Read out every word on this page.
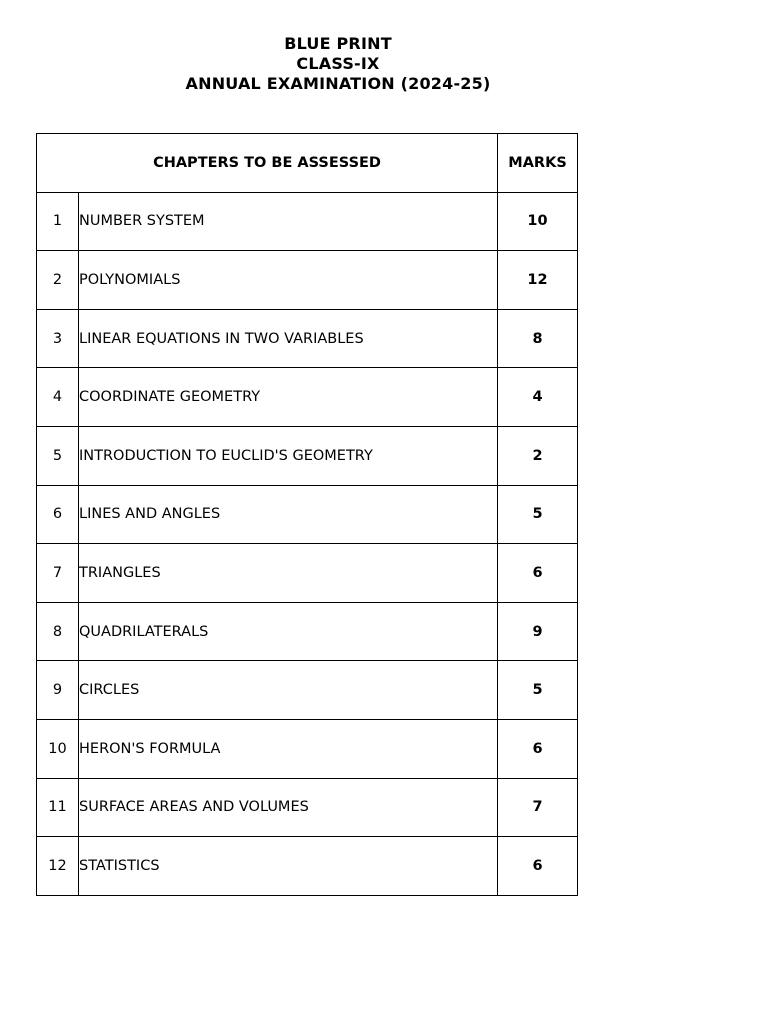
BLUE PRINT
CLASS-IX
ANNUAL EXAMINATION (2024-25)
CHAPTERS TO BE ASSESSED		MARKS
1	NUMBER SYSTEM	10
2	POLYNOMIALS	12
3	LINEAR EQUATIONS IN TWO VARIABLES	8
4	COORDINATE GEOMETRY	4
5	INTRODUCTION TO EUCLID'S GEOMETRY	2
6	LINES AND ANGLES	5
7	TRIANGLES	6
8	QUADRILATERALS	9
9	CIRCLES	5
10	HERON'S FORMULA	6
11	SURFACE AREAS AND VOLUMES	7
12	STATISTICS	6
